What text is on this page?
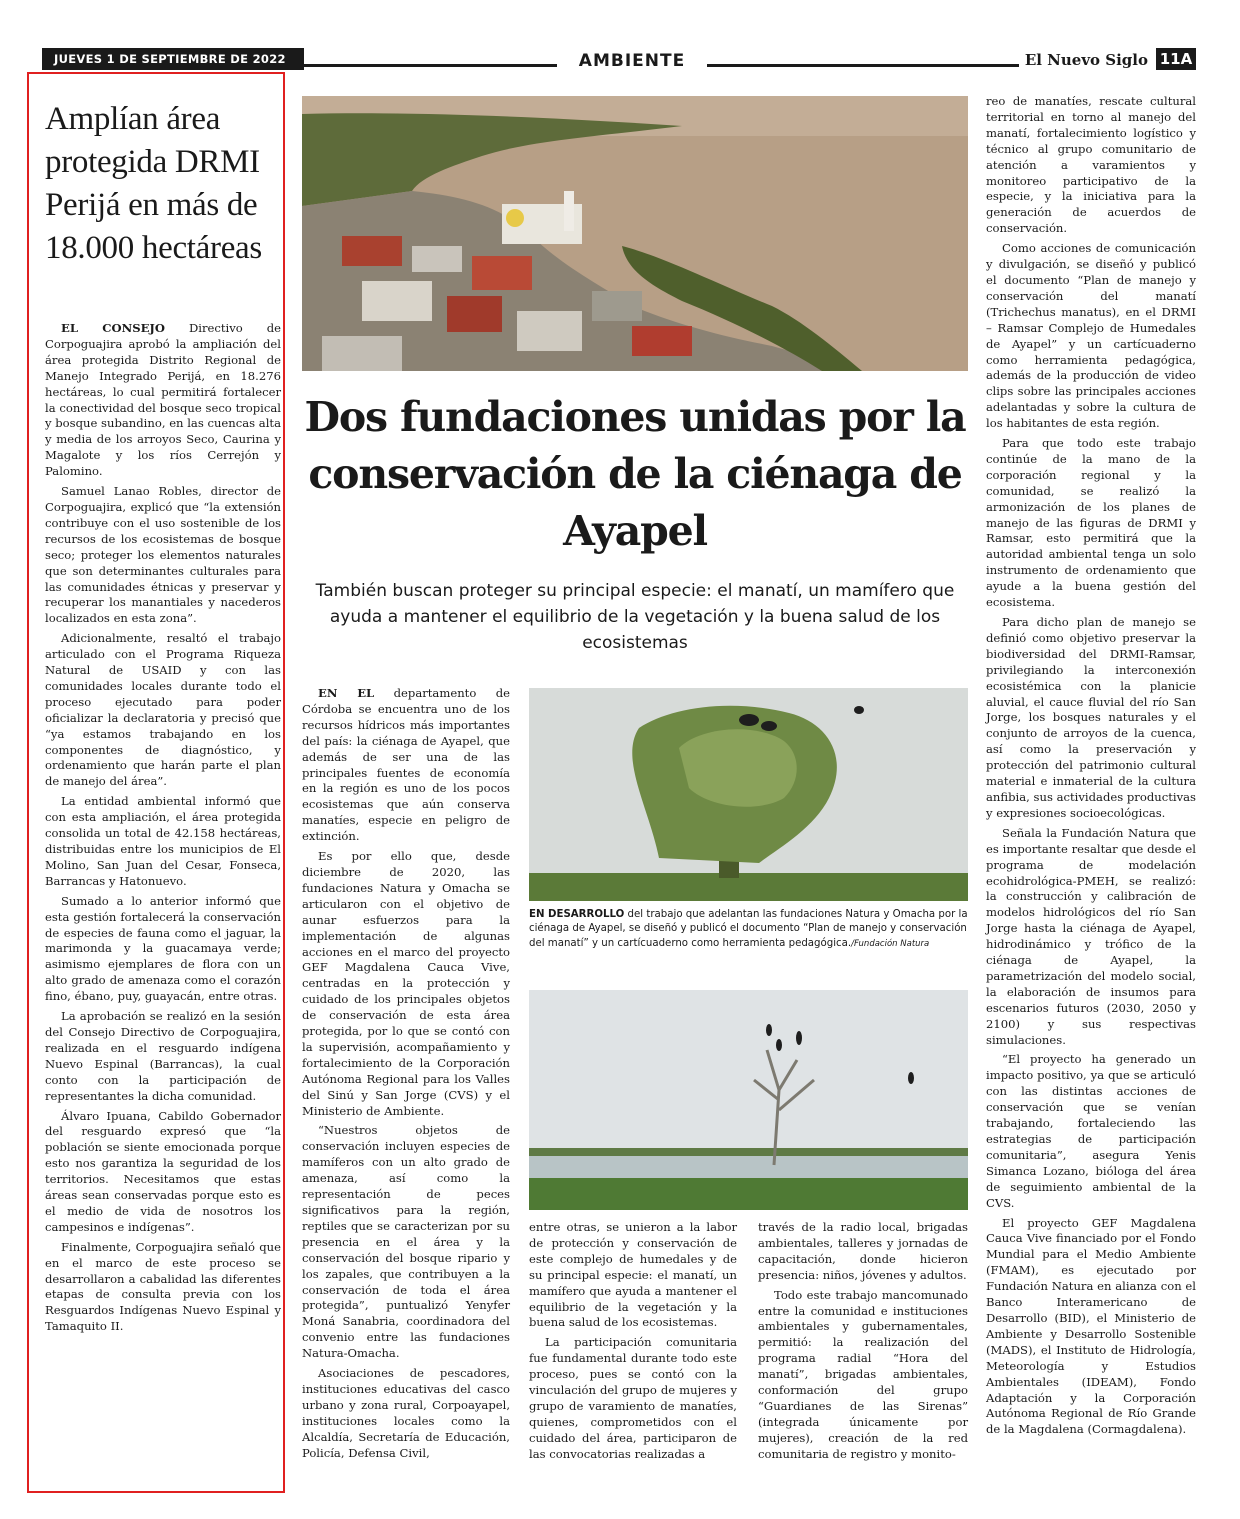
JUEVES 1 DE SEPTIEMBRE DE 2022	AMBIENTE	El Nuevo Siglo 11A
Amplían área protegida DRMI Perijá en más de 18.000 hectáreas

EL CONSEJO Directivo de Corpoguajira aprobó la ampliación del área protegida Distrito Regional de Manejo Integrado Perijá, en 18.276 hectáreas, lo cual permitirá fortalecer la conectividad del bosque seco tropical y bosque subandino, en las cuencas alta y media de los arroyos Seco, Caurina y Magalote y los ríos Cerrejón y Palomino.

Samuel Lanao Robles, director de Corpoguajira, explicó que “la extensión contribuye con el uso sostenible de los recursos de los ecosistemas de bosque seco; proteger los elementos naturales que son determinantes culturales para las comunidades étnicas y preservar y recuperar los manantiales y nacederos localizados en esta zona”.

Adicionalmente, resaltó el trabajo articulado con el Programa Riqueza Natural de USAID y con las comunidades locales durante todo el proceso ejecutado para poder oficializar la declaratoria y precisó que “ya estamos trabajando en los componentes de diagnóstico, y ordenamiento que harán parte el plan de manejo del área”.

La entidad ambiental informó que con esta ampliación, el área protegida consolida un total de 42.158 hectáreas, distribuidas entre los municipios de El Molino, San Juan del Cesar, Fonseca, Barrancas y Hatonuevo.

Sumado a lo anterior informó que esta gestión fortalecerá la conservación de especies de fauna como el jaguar, la marimonda y la guacamaya verde; asimismo ejemplares de flora con un alto grado de amenaza como el corazón fino, ébano, puy, guayacán, entre otras.

La aprobación se realizó en la sesión del Consejo Directivo de Corpoguajira, realizada en el resguardo indígena Nuevo Espinal (Barrancas), la cual conto con la participación de representantes la dicha comunidad.

Álvaro Ipuana, Cabildo Gobernador del resguardo expresó que “la población se siente emocionada porque esto nos garantiza la seguridad de los territorios. Necesitamos que estas áreas sean conservadas porque esto es el medio de vida de nosotros los campesinos e indígenas”.

Finalmente, Corpoguajira señaló que en el marco de este proceso se desarrollaron a cabalidad las diferentes etapas de consulta previa con los Resguardos Indígenas Nuevo Espinal y Tamaquito II.

Dos fundaciones unidas por la conservación de la ciénaga de Ayapel

También buscan proteger su principal especie: el manatí, un mamífero que ayuda a mantener el equilibrio de la vegetación y la buena salud de los ecosistemas

EN EL departamento de Córdoba se encuentra uno de los recursos hídricos más importantes del país: la ciénaga de Ayapel, que además de ser una de las principales fuentes de economía en la región es uno de los pocos ecosistemas que aún conserva manatíes, especie en peligro de extinción.

Es por ello que, desde diciembre de 2020, las fundaciones Natura y Omacha se articularon con el objetivo de aunar esfuerzos para la implementación de algunas acciones en el marco del proyecto GEF Magdalena Cauca Vive, centradas en la protección y cuidado de los principales objetos de conservación de esta área protegida, por lo que se contó con la supervisión, acompañamiento y fortalecimiento de la Corporación Autónoma Regional para los Valles del Sinú y San Jorge (CVS) y el Ministerio de Ambiente.

“Nuestros objetos de conservación incluyen especies de mamíferos con un alto grado de amenaza, así como la representación de peces significativos para la región, reptiles que se caracterizan por su presencia en el área y la conservación del bosque ripario y los zapales, que contribuyen a la conservación de toda el área protegida”, puntualizó Yenyfer Moná Sanabria, coordinadora del convenio entre las fundaciones Natura-Omacha.

Asociaciones de pescadores, instituciones educativas del casco urbano y zona rural, Corpoayapel, instituciones locales como la Alcaldía, Secretaría de Educación, Policía, Defensa Civil,

EN DESARROLLO del trabajo que adelantan las fundaciones Natura y Omacha por la ciénaga de Ayapel, se diseñó y publicó el documento “Plan de manejo y conservación del manatí” y un cartícuaderno como herramienta pedagógica./Fundación Natura

entre otras, se unieron a la labor de protección y conservación de este complejo de humedales y de su principal especie: el manatí, un mamífero que ayuda a mantener el equilibrio de la vegetación y la buena salud de los ecosistemas.

La participación comunitaria fue fundamental durante todo este proceso, pues se contó con la vinculación del grupo de mujeres y grupo de varamiento de manatíes, quienes, comprometidos con el cuidado del área, participaron de las convocatorias realizadas a

través de la radio local, brigadas ambientales, talleres y jornadas de capacitación, donde hicieron presencia: niños, jóvenes y adultos.

Todo este trabajo mancomunado entre la comunidad e instituciones ambientales y gubernamentales, permitió: la realización del programa radial “Hora del manatí”, brigadas ambientales, conformación del grupo “Guardianes de las Sirenas” (integrada únicamente por mujeres), creación de la red comunitaria de registro y monito-

reo de manatíes, rescate cultural territorial en torno al manejo del manatí, fortalecimiento logístico y técnico al grupo comunitario de atención a varamientos y monitoreo participativo de la especie, y la iniciativa para la generación de acuerdos de conservación.

Como acciones de comunicación y divulgación, se diseñó y publicó el documento “Plan de manejo y conservación del manatí (Trichechus manatus), en el DRMI – Ramsar Complejo de Humedales de Ayapel” y un cartícuaderno como herramienta pedagógica, además de la producción de video clips sobre las principales acciones adelantadas y sobre la cultura de los habitantes de esta región.

Para que todo este trabajo continúe de la mano de la corporación regional y la comunidad, se realizó la armonización de los planes de manejo de las figuras de DRMI y Ramsar, esto permitirá que la autoridad ambiental tenga un solo instrumento de ordenamiento que ayude a la buena gestión del ecosistema.

Para dicho plan de manejo se definió como objetivo preservar la biodiversidad del DRMI-Ramsar, privilegiando la interconexión ecosistémica con la planicie aluvial, el cauce fluvial del río San Jorge, los bosques naturales y el conjunto de arroyos de la cuenca, así como la preservación y protección del patrimonio cultural material e inmaterial de la cultura anfibia, sus actividades productivas y expresiones socioecológicas.

Señala la Fundación Natura que es importante resaltar que desde el programa de modelación ecohidrológica-PMEH, se realizó: la construcción y calibración de modelos hidrológicos del río San Jorge hasta la ciénaga de Ayapel, hidrodinámico y trófico de la ciénaga de Ayapel, la parametrización del modelo social, la elaboración de insumos para escenarios futuros (2030, 2050 y 2100) y sus respectivas simulaciones.

“El proyecto ha generado un impacto positivo, ya que se articuló con las distintas acciones de conservación que se venían trabajando, fortaleciendo las estrategias de participación comunitaria”, asegura Yenis Simanca Lozano, bióloga del área de seguimiento ambiental de la CVS.

El proyecto GEF Magdalena Cauca Vive financiado por el Fondo Mundial para el Medio Ambiente (FMAM), es ejecutado por Fundación Natura en alianza con el Banco Interamericano de Desarrollo (BID), el Ministerio de Ambiente y Desarrollo Sostenible (MADS), el Instituto de Hidrología, Meteorología y Estudios Ambientales (IDEAM), Fondo Adaptación y la Corporación Autónoma Regional de Río Grande de la Magdalena (Cormagdalena).
